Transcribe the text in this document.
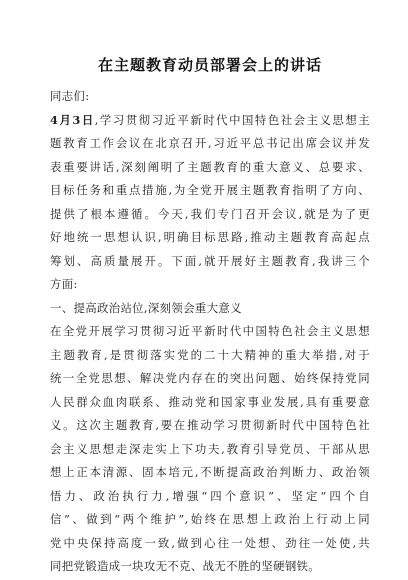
在主题教育动员部署会上的讲话
同志们:
4月3日,学习贯彻习近平新时代中国特色社会主义思想主
题教育工作会议在北京召开,习近平总书记出席会议并发
表重要讲话,深刻阐明了主题教育的重大意义、总要求、
目标任务和重点措施,为全党开展主题教育指明了方向、
提供了根本遵循。今天,我们专门召开会议,就是为了更
好地统一思想认识,明确目标思路,推动主题教育高起点
筹划、高质量展开。下面,就开展好主题教育,我讲三个
方面:
一、提高政治站位,深刻领会重大意义
在全党开展学习贯彻习近平新时代中国特色社会主义思想
主题教育,是贯彻落实党的二十大精神的重大举措,对于
统一全党思想、解决党内存在的突出问题、始终保持党同
人民群众血肉联系、推动党和国家事业发展,具有重要意
义。这次主题教育,要在推动学习贯彻新时代中国特色社
会主义思想走深走实上下功夫,教育引导党员、干部从思
想上正本清源、固本培元,不断提高政治判断力、政治领
悟力、政治执行力,增强“四个意识”、坚定“四个自
信”、做到“两个维护”,始终在思想上政治上行动上同
党中央保持高度一致,做到心往一处想、劲往一处使,共
同把党锻造成一块攻无不克、战无不胜的坚硬钢铁。
